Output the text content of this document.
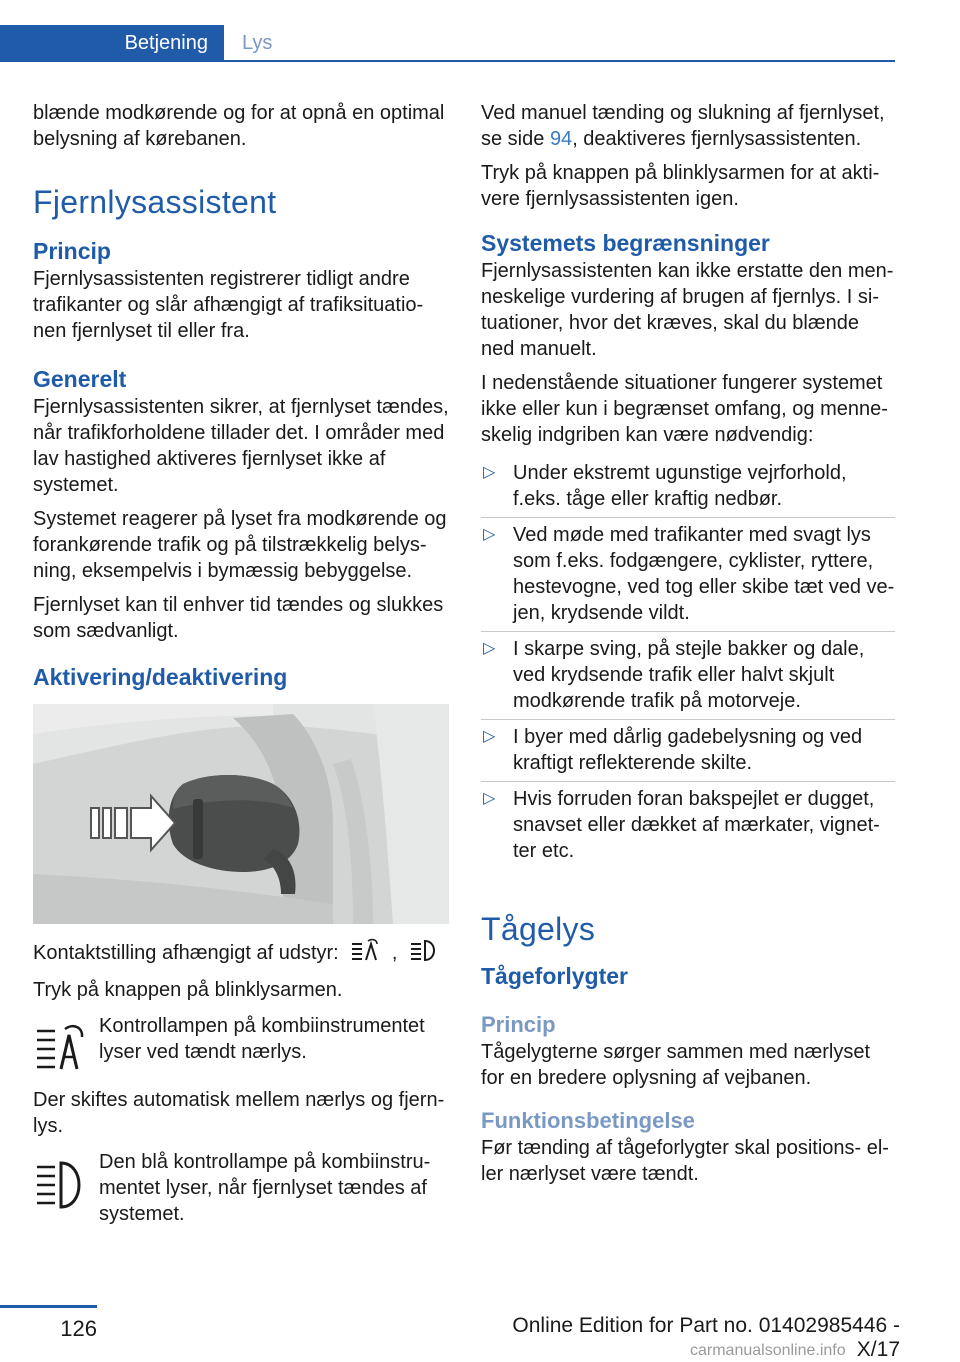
Betjening	Lys

blænde modkørende og for at opnå en optimal belysning af kørebanen.

Fjernlysassistent
Princip

Fjernlysassistenten registrerer tidligt andre trafikanter og slår afhængigt af trafiksituationen fjernlyset til eller fra.

Generelt

Fjernlysassistenten sikrer, at fjernlyset tændes, når trafikforholdene tillader det. I områder med lav hastighed aktiveres fjernlyset ikke af systemet.

Systemet reagerer på lyset fra modkørende og forankørende trafik og på tilstrækkelig belysning, eksempelvis i bymæssig bebyggelse.

Fjernlyset kan til enhver tid tændes og slukkes som sædvanligt.

Aktivering/deaktivering

Kontaktstilling afhængigt af udstyr:	,

Tryk på knappen på blinklysarmen.

Kontrollampen på kombiinstrumentet lyser ved tændt nærlys.

Der skiftes automatisk mellem nærlys og fjernlys.

Den blå kontrollampe på kombiinstrumentet lyser, når fjernlyset tændes af systemet.

Ved manuel tænding og slukning af fjernlyset, se side 94, deaktiveres fjernlysassistenten.

Tryk på knappen på blinklysarmen for at aktivere fjernlysassistenten igen.

Systemets begrænsninger

Fjernlysassistenten kan ikke erstatte den menneskelige vurdering af brugen af fjernlys. I situationer, hvor det kræves, skal du blænde ned manuelt.

I nedenstående situationer fungerer systemet ikke eller kun i begrænset omfang, og menneskelig indgriben kan være nødvendig:

▷ Under ekstremt ugunstige vejrforhold, f.eks. tåge eller kraftig nedbør.
▷ Ved møde med trafikanter med svagt lys som f.eks. fodgængere, cyklister, ryttere, hestevogne, ved tog eller skibe tæt ved vejen, krydsende vildt.
▷ I skarpe sving, på stejle bakker og dale, ved krydsende trafik eller halvt skjult modkørende trafik på motorveje.
▷ I byer med dårlig gadebelysning og ved kraftigt reflekterende skilte.
▷ Hvis forruden foran bakspejlet er dugget, snavset eller dækket af mærkater, vignetter etc.
Tågelys
Tågeforlygter
Princip

Tågelygterne sørger sammen med nærlyset for en bredere oplysning af vejbanen.

Funktionsbetingelse

Før tænding af tågeforlygter skal positions- eller nærlyset være tændt.

126	Online Edition for Part no. 01402985446 - X/17
carmanualsonline.info
